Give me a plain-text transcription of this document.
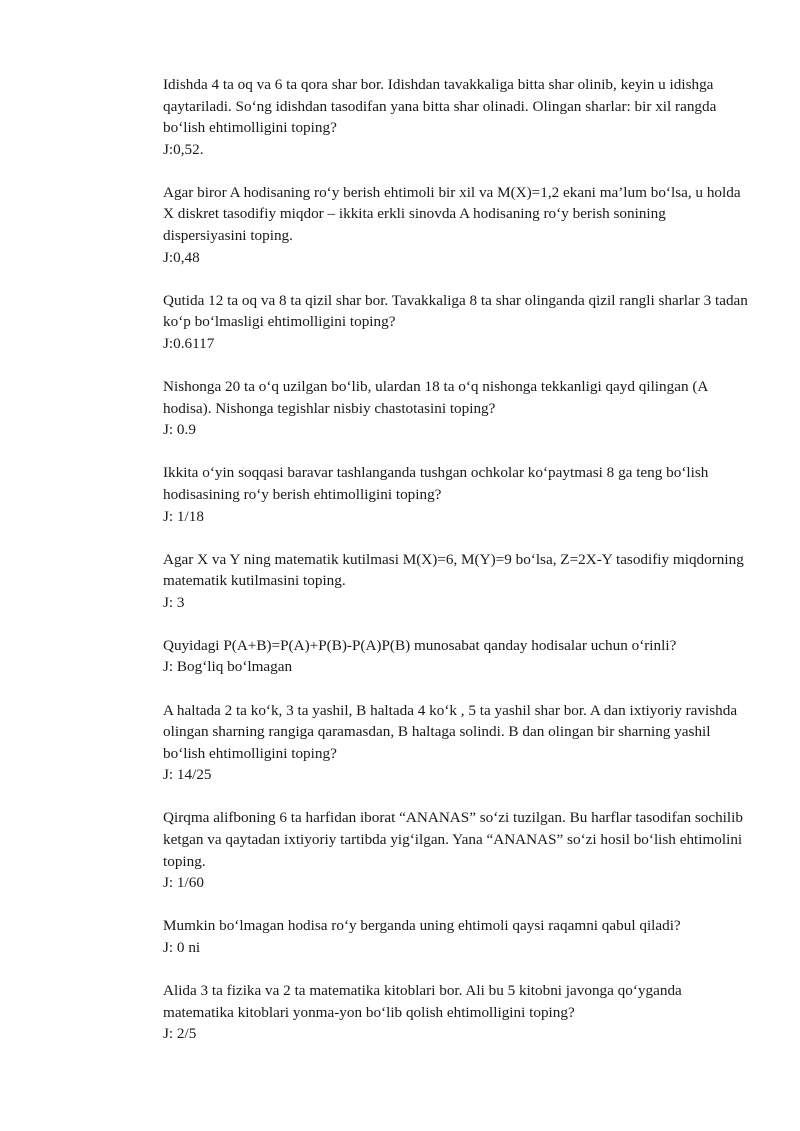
Idishda 4 ta oq va 6 ta qora shar bor. Idishdan tavakkaliga bitta shar olinib, keyin u idishga qaytariladi. So‘ng idishdan tasodifan yana bitta shar olinadi. Olingan sharlar: bir xil rangda bo‘lish ehtimolligini toping?

J:0,52.

Agar biror A hodisaning ro‘y berish ehtimoli bir xil va M(X)=1,2 ekani ma’lum bo‘lsa, u holda X diskret tasodifiy miqdor – ikkita erkli sinovda A hodisaning ro‘y berish sonining dispersiyasini toping.

J:0,48

Qutida 12 ta oq va 8 ta qizil shar bor. Tavakkaliga 8 ta shar olinganda qizil rangli sharlar 3 tadan ko‘p bo‘lmasligi ehtimolligini toping?

J:0.6117

Nishonga 20 ta o‘q uzilgan bo‘lib, ulardan 18 ta o‘q nishonga tekkanligi qayd qilingan (A hodisa). Nishonga tegishlar nisbiy chastotasini toping?

J: 0.9

Ikkita o‘yin soqqasi baravar tashlanganda tushgan ochkolar ko‘paytmasi 8 ga teng bo‘lish hodisasining ro‘y berish ehtimolligini toping?

J: 1/18

Agar X va Y ning matematik kutilmasi M(X)=6, M(Y)=9 bo‘lsa, Z=2X-Y tasodifiy miqdorning matematik kutilmasini toping.

J: 3

Quyidagi P(A+B)=P(A)+P(B)-P(A)P(B) munosabat qanday hodisalar uchun o‘rinli?

J: Bog‘liq bo‘lmagan

A haltada 2 ta ko‘k, 3 ta yashil, B haltada 4 ko‘k , 5 ta yashil shar bor. A dan ixtiyoriy ravishda olingan sharning rangiga qaramasdan, B haltaga solindi. B dan olingan bir sharning yashil bo‘lish ehtimolligini toping?

J: 14/25

Qirqma alifboning 6 ta harfidan iborat “ANANAS” so‘zi tuzilgan. Bu harflar tasodifan sochilib ketgan va qaytadan ixtiyoriy tartibda yig‘ilgan. Yana “ANANAS” so‘zi hosil bo‘lish ehtimolini toping.

J: 1/60

Mumkin bo‘lmagan hodisa ro‘y berganda uning ehtimoli qaysi raqamni qabul qiladi?

J: 0 ni

Alida 3 ta fizika va 2 ta matematika kitoblari bor. Ali bu 5 kitobni javonga qo‘yganda matematika kitoblari yonma-yon bo‘lib qolish ehtimolligini toping?

J: 2/5
